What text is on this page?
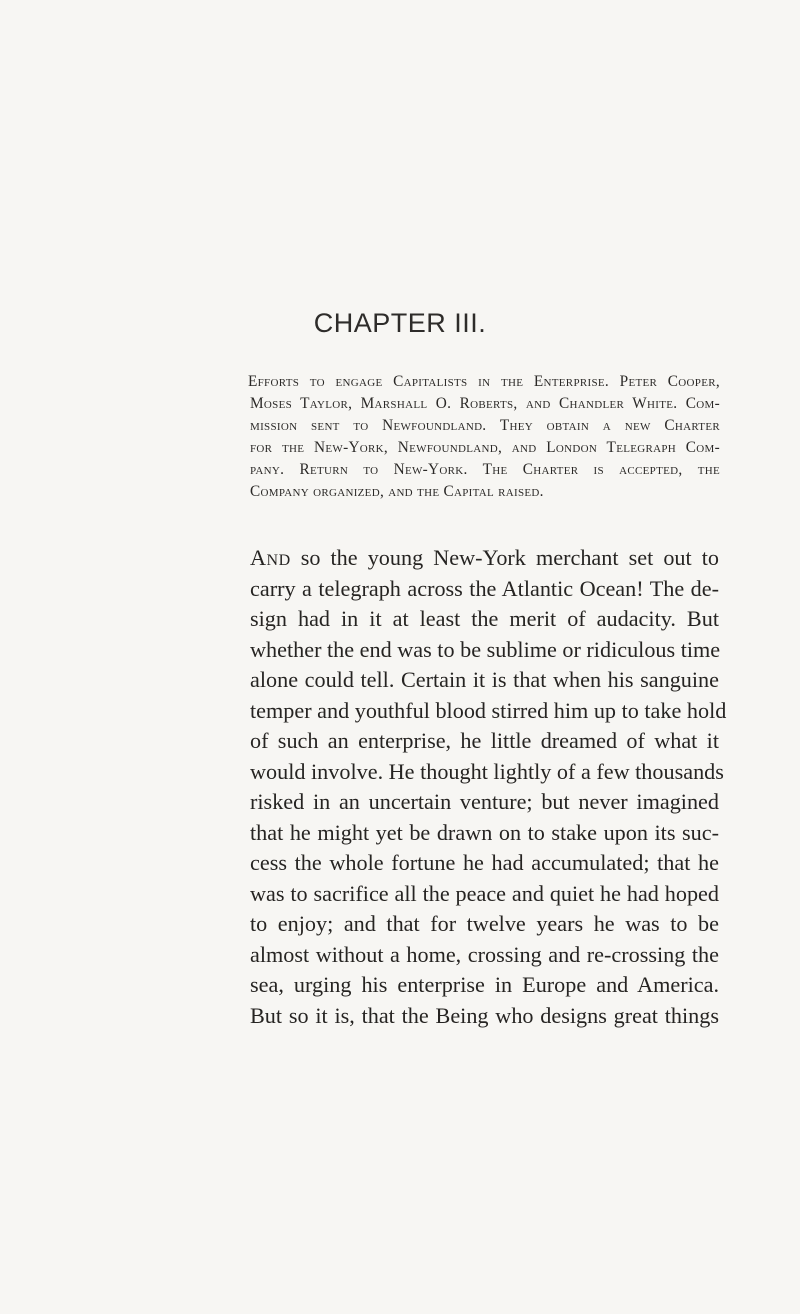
CHAPTER III.
Efforts to engage Capitalists in the Enterprise. Peter Cooper,
Moses Taylor, Marshall O. Roberts, and Chandler White. Com-
mission sent to Newfoundland. They obtain a new Charter
for the New-York, Newfoundland, and London Telegraph Com-
pany. Return to New-York. The Charter is accepted, the
Company organized, and the Capital raised.
And so the young New-York merchant set out to
carry a telegraph across the Atlantic Ocean! The de-
sign had in it at least the merit of audacity. But
whether the end was to be sublime or ridiculous time
alone could tell. Certain it is that when his sanguine
temper and youthful blood stirred him up to take hold
of such an enterprise, he little dreamed of what it
would involve. He thought lightly of a few thousands
risked in an uncertain venture; but never imagined
that he might yet be drawn on to stake upon its suc-
cess the whole fortune he had accumulated; that he
was to sacrifice all the peace and quiet he had hoped
to enjoy; and that for twelve years he was to be
almost without a home, crossing and re-crossing the
sea, urging his enterprise in Europe and America.
But so it is, that the Being who designs great things
